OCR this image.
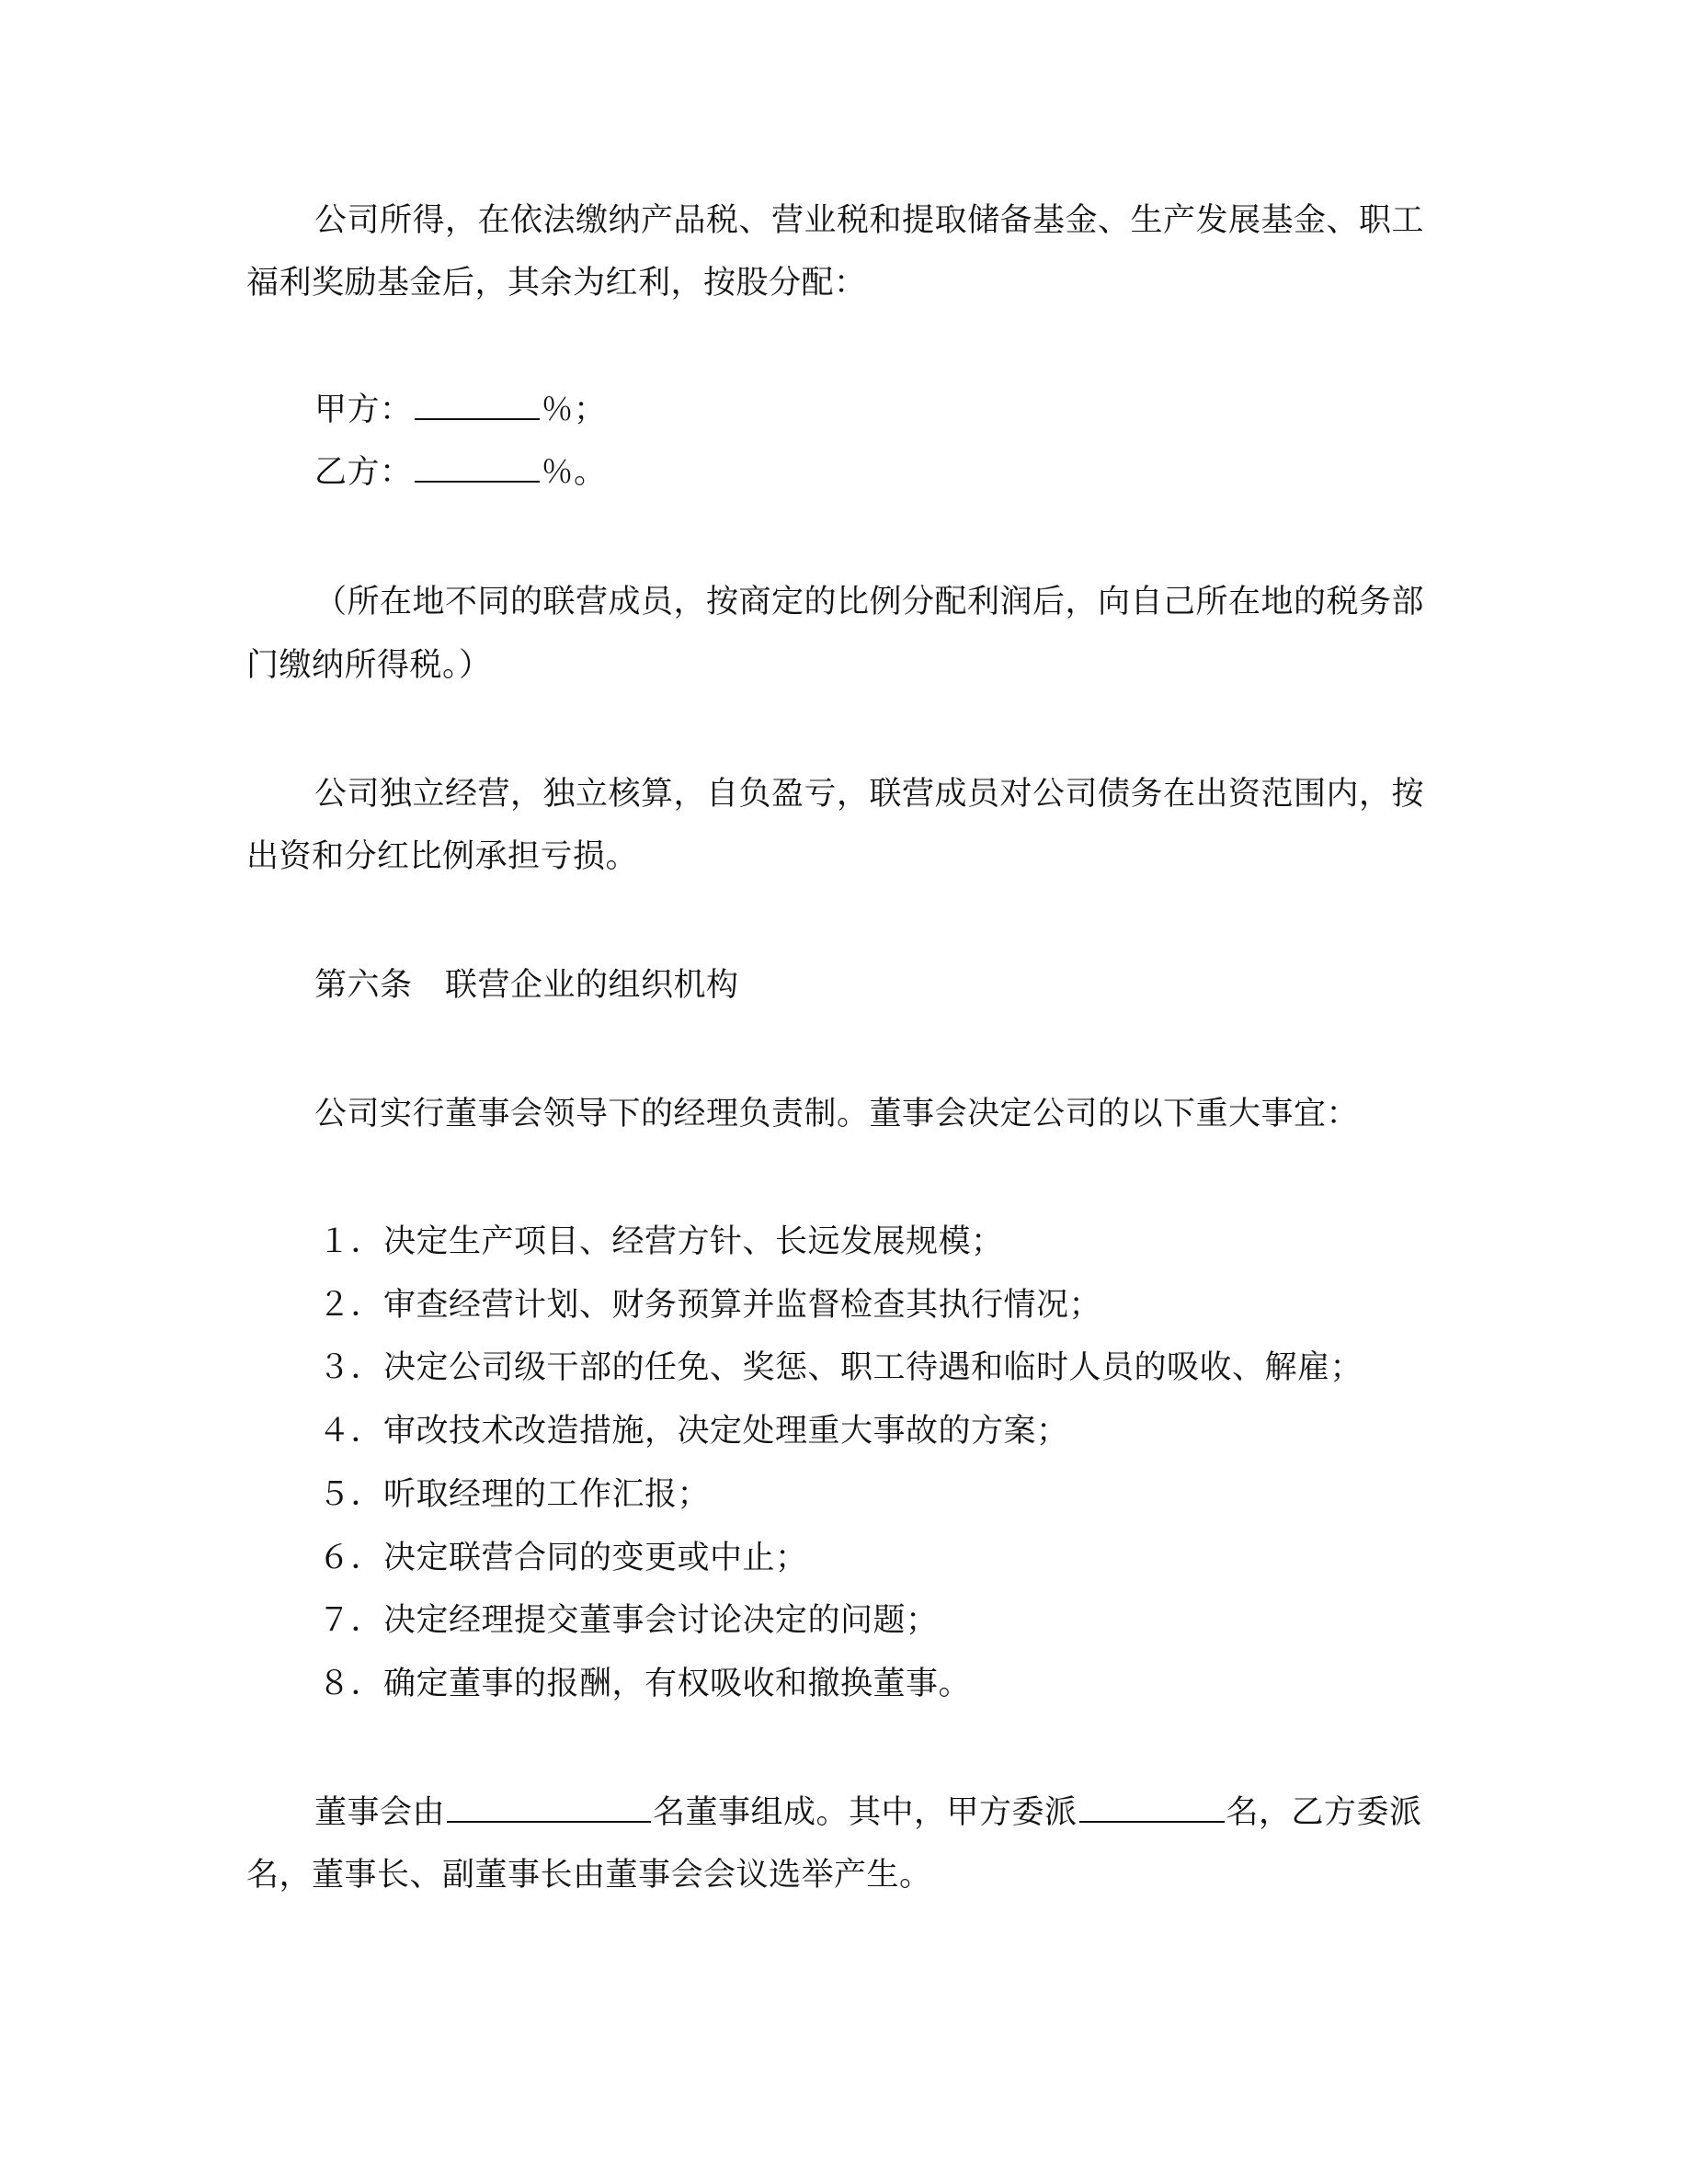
公司所得，在依法缴纳产品税、营业税和提取储备基金、生产发展基金、职工
福利奖励基金后，其余为红利，按股分配：
甲方：	％；
乙方：	％。
（所在地不同的联营成员，按商定的比例分配利润后，向自己所在地的税务部
门缴纳所得税。）
公司独立经营，独立核算，自负盈亏，联营成员对公司债务在出资范围内，按
出资和分红比例承担亏损。
第六条　联营企业的组织机构
公司实行董事会领导下的经理负责制。董事会决定公司的以下重大事宜：
１．决定生产项目、经营方针、长远发展规模；
２．审查经营计划、财务预算并监督检查其执行情况；
３．决定公司级干部的任免、奖惩、职工待遇和临时人员的吸收、解雇；
４．审改技术改造措施，决定处理重大事故的方案；
５．听取经理的工作汇报；
６．决定联营合同的变更或中止；
７．决定经理提交董事会讨论决定的问题；
８．确定董事的报酬，有权吸收和撤换董事。
董事会由	名董事组成。其中，甲方委派	名，乙方委派
名，董事长、副董事长由董事会会议选举产生。
